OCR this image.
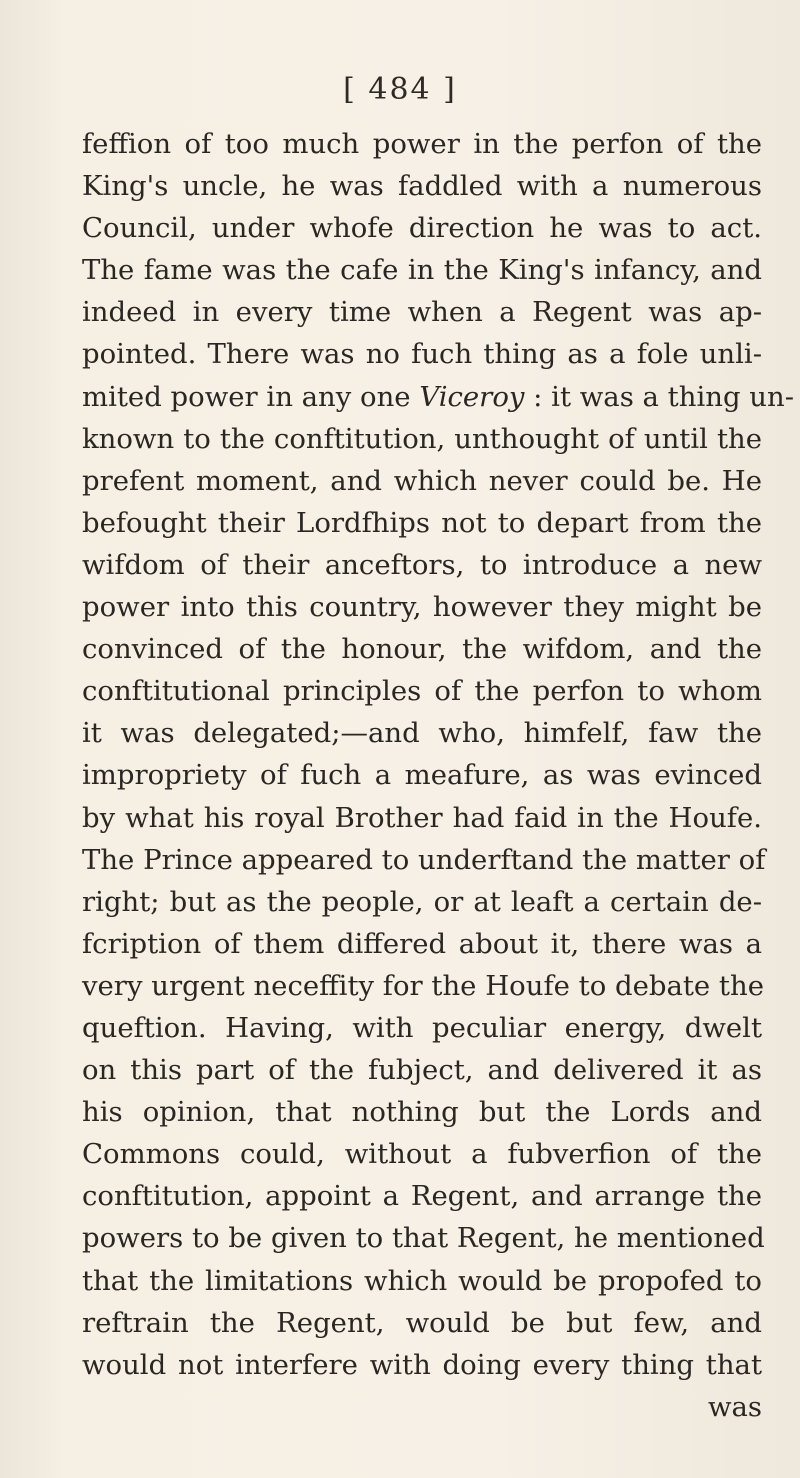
[ 484 ]
feffion of too much power in the perfon of the
King's uncle, he was faddled with a numerous
Council, under whofe direction he was to act.
The fame was the cafe in the King's infancy, and
indeed in every time when a Regent was ap-
pointed. There was no fuch thing as a fole unli-
mited power in any one Viceroy : it was a thing un-
known to the conftitution, unthought of until the
prefent moment, and which never could be. He
befought their Lordfhips not to depart from the
wifdom of their anceftors, to introduce a new
power into this country, however they might be
convinced of the honour, the wifdom, and the
conftitutional principles of the perfon to whom
it was delegated;—and who, himfelf, faw the
impropriety of fuch a meafure, as was evinced
by what his royal Brother had faid in the Houfe.
The Prince appeared to underftand the matter of
right; but as the people, or at leaft a certain de-
fcription of them differed about it, there was a
very urgent neceffity for the Houfe to debate the
queftion. Having, with peculiar energy, dwelt
on this part of the fubject, and delivered it as
his opinion, that nothing but the Lords and
Commons could, without a fubverfion of the
conftitution, appoint a Regent, and arrange the
powers to be given to that Regent, he mentioned
that the limitations which would be propofed to
reftrain the Regent, would be but few, and
would not interfere with doing every thing that
was
